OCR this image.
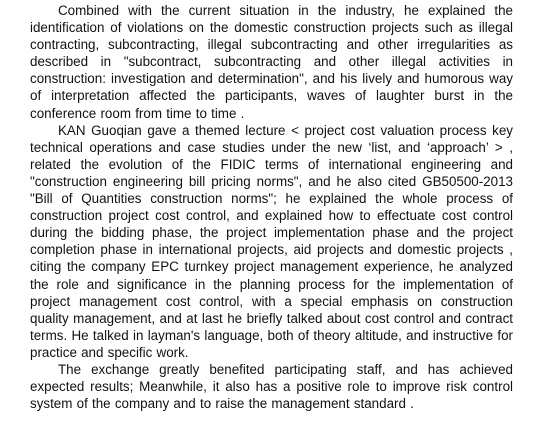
Combined with the current situation in the industry, he explained the identification of violations on the domestic construction projects such as illegal contracting, subcontracting, illegal subcontracting and other irregularities as described in "subcontract, subcontracting and other illegal activities in construction: investigation and determination", and his lively and humorous way of interpretation affected the participants, waves of laughter burst in the conference room from time to time .

KAN Guoqian gave a themed lecture < project cost valuation process key technical operations and case studies under the new ‘list, and ‘approach’ > , related the evolution of the FIDIC terms of international engineering and "construction engineering bill pricing norms", and he also cited GB50500-2013 "Bill of Quantities construction norms"; he explained the whole process of construction project cost control, and explained how to effectuate cost control during the bidding phase, the project implementation phase and the project completion phase in international projects, aid projects and domestic projects , citing the company EPC turnkey project management experience, he analyzed the role and significance in the planning process for the implementation of project management cost control, with a special emphasis on construction quality management, and at last he briefly talked about cost control and contract terms. He talked in layman's language, both of theory altitude, and instructive for practice and specific work.

The exchange greatly benefited participating staff, and has achieved expected results; Meanwhile, it also has a positive role to improve risk control system of the company and to raise the management standard .
